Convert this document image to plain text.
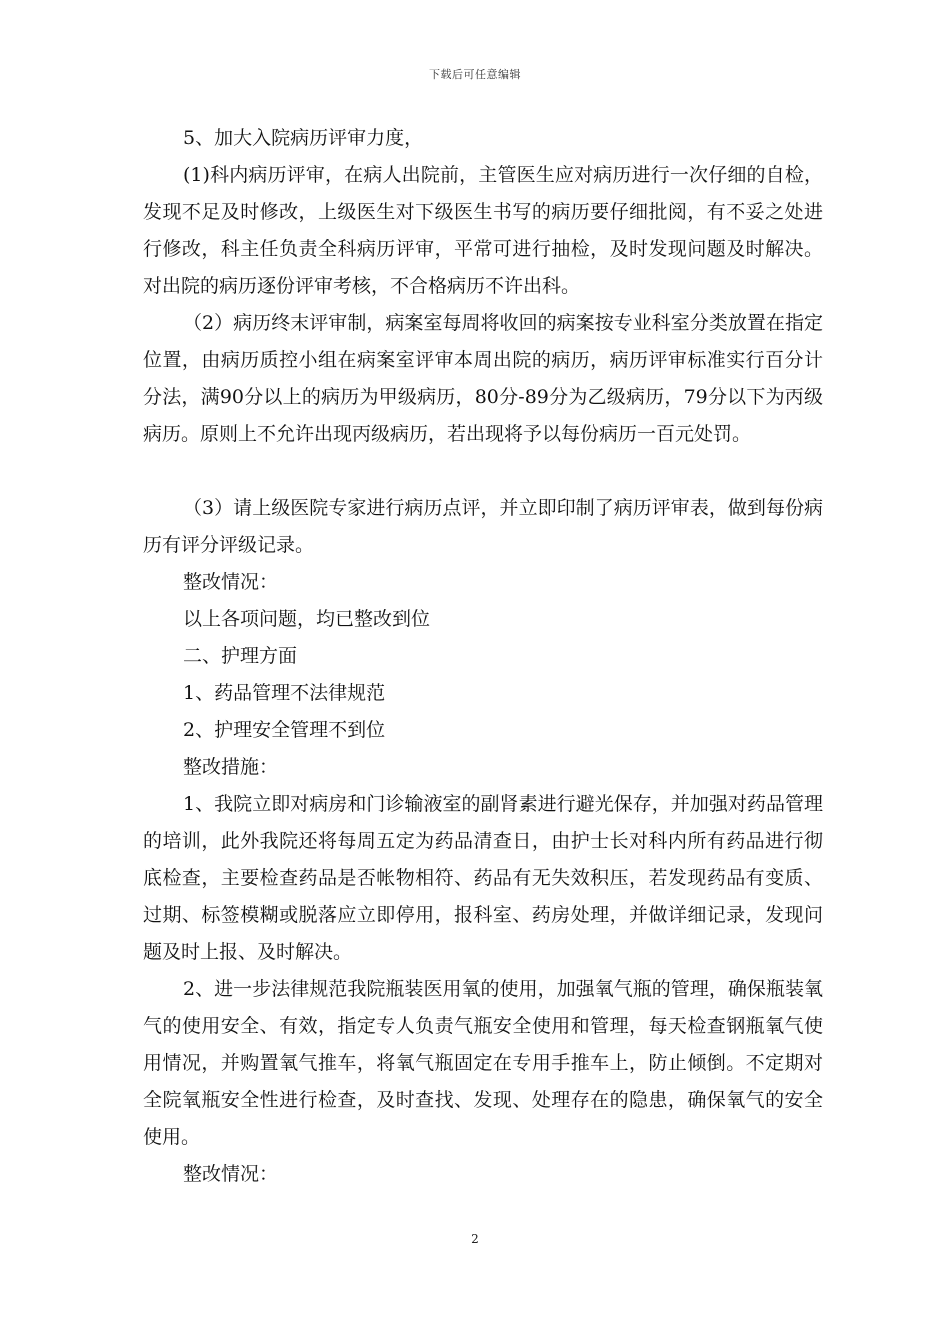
下载后可任意编辑

5、加大入院病历评审力度，

(1)科内病历评审，在病人出院前，主管医生应对病历进行一次仔细的自检，发现不足及时修改，上级医生对下级医生书写的病历要仔细批阅，有不妥之处进行修改，科主任负责全科病历评审，平常可进行抽检，及时发现问题及时解决。对出院的病历逐份评审考核，不合格病历不许出科。

（2）病历终末评审制，病案室每周将收回的病案按专业科室分类放置在指定位置，由病历质控小组在病案室评审本周出院的病历，病历评审标准实行百分计分法，满90分以上的病历为甲级病历，80分-89分为乙级病历，79分以下为丙级病历。原则上不允许出现丙级病历，若出现将予以每份病历一百元处罚。

（3）请上级医院专家进行病历点评，并立即印制了病历评审表，做到每份病历有评分评级记录。

整改情况：

以上各项问题，均已整改到位

二、护理方面

1、药品管理不法律规范

2、护理安全管理不到位

整改措施：

1、我院立即对病房和门诊输液室的副肾素进行避光保存，并加强对药品管理的培训，此外我院还将每周五定为药品清查日，由护士长对科内所有药品进行彻底检查，主要检查药品是否帐物相符、药品有无失效积压，若发现药品有变质、过期、标签模糊或脱落应立即停用，报科室、药房处理，并做详细记录，发现问题及时上报、及时解决。

2、进一步法律规范我院瓶装医用氧的使用，加强氧气瓶的管理，确保瓶装氧气的使用安全、有效，指定专人负责气瓶安全使用和管理，每天检查钢瓶氧气使用情况，并购置氧气推车，将氧气瓶固定在专用手推车上，防止倾倒。不定期对全院氧瓶安全性进行检查，及时查找、发现、处理存在的隐患，确保氧气的安全使用。

整改情况：

2
